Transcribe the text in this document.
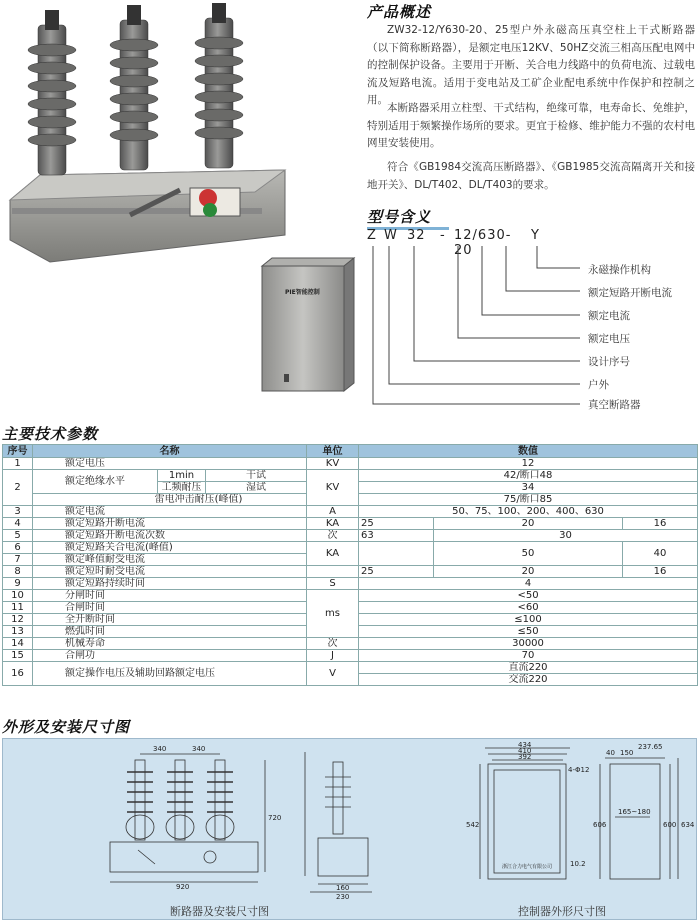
产品概述
ZW32-12/Y630-20、25型户外永磁高压真空柱上干式断路器（以下简称断路器），是额定电压12KV、50HZ交流三相高压配电网中的控制保护设备。主要用于开断、关合电力线路中的负荷电流、过载电流及短路电流。适用于变电站及工矿企业配电系统中作保护和控制之用。
本断路器采用立柱型、干式结构，绝缘可靠，电寿命长、免维护，特别适用于频繁操作场所的要求。更宜于检修、维护能力不强的农村电网里安装使用。
符合《GB1984交流高压断路器》、《GB1985交流高隔离开关和接地开关》、DL/T402、DL/T403的要求。
型号含义
Z W 32 - 12/630-20
Y
永磁操作机构
额定短路开断电流
额定电流
额定电压
设计序号
户外
真空断路器
PIE智能控制
主要技术参数
序号	名称			单位	数值		
1	额定电压			KV	12		
2	额定绝缘水平	1min	干试	KV	42/断口48		
		工频耐压	湿试		34		
	雷电冲击耐压(峰值)				75/断口85		
3	额定电流			A	50、75、100、200、400、630		
4	额定短路开断电流			KA	25	20	16
5	额定短路开断电流次数			次	63	30	
6	额定短路关合电流(峰值)			KA		50	40
7	额定峰值耐受电流						
8	额定短时耐受电流				25	20	16
9	额定短路持续时间			S	4		
10	分闸时间			ms	<50		
11	合闸时间				<60		
12	全开断时间				≤100		
13	燃弧时间				≤50		
14	机械寿命			次	30000		
15	合闸功			J	70		
16	额定操作电压及辅助回路额定电压			V	直流220		
					交流220		
外形及安装尺寸图
340	340
920
720
160
230
断路器及安装尺寸图
434
410
392
542	606	600 634
40 150
237.65
165~180
10.2
4-Φ12
浙江合力电气有限公司
控制器外形尺寸图
